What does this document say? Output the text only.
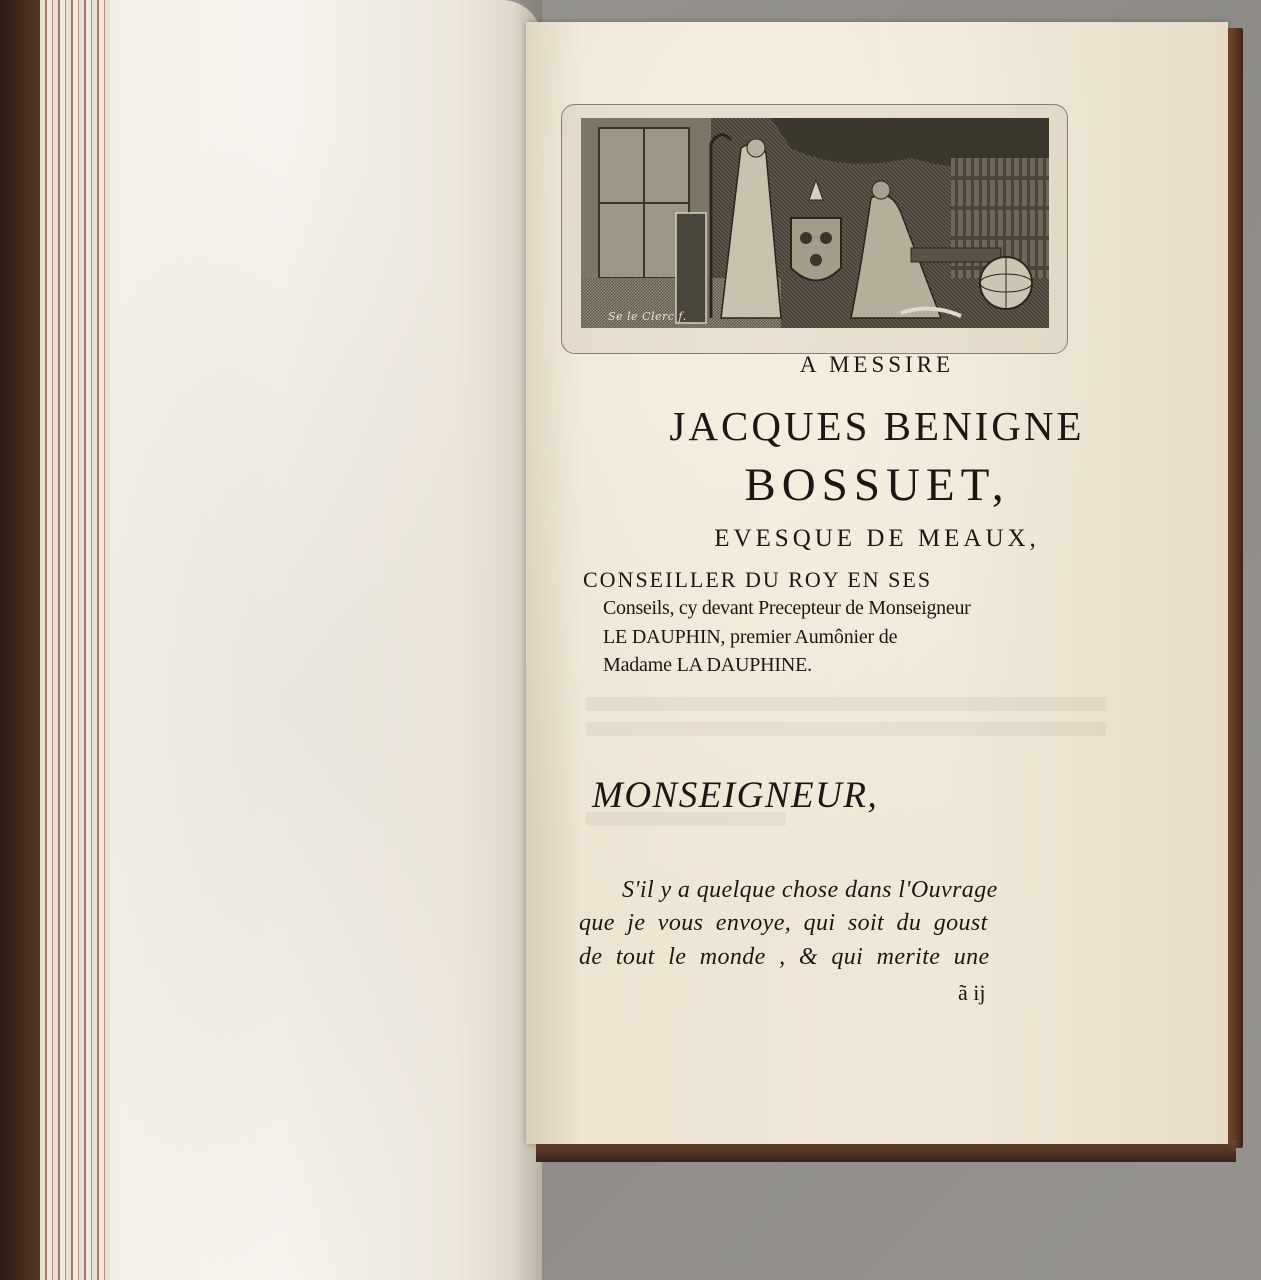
Se le Clerc f.
A MESSIRE
JACQUES BENIGNE
BOSSUET,
EVESQUE DE MEAUX,
CONSEILLER DU ROY EN SES
Conseils, cy devant Precepteur de Monseigneur
LE DAUPHIN, premier Aumônier de
Madame LA DAUPHINE.
MONSEIGNEUR,
S'il y a quelque chose dans l'Ouvrage
que je vous envoye, qui soit du goust
de tout le monde , & qui merite une
ã ij
